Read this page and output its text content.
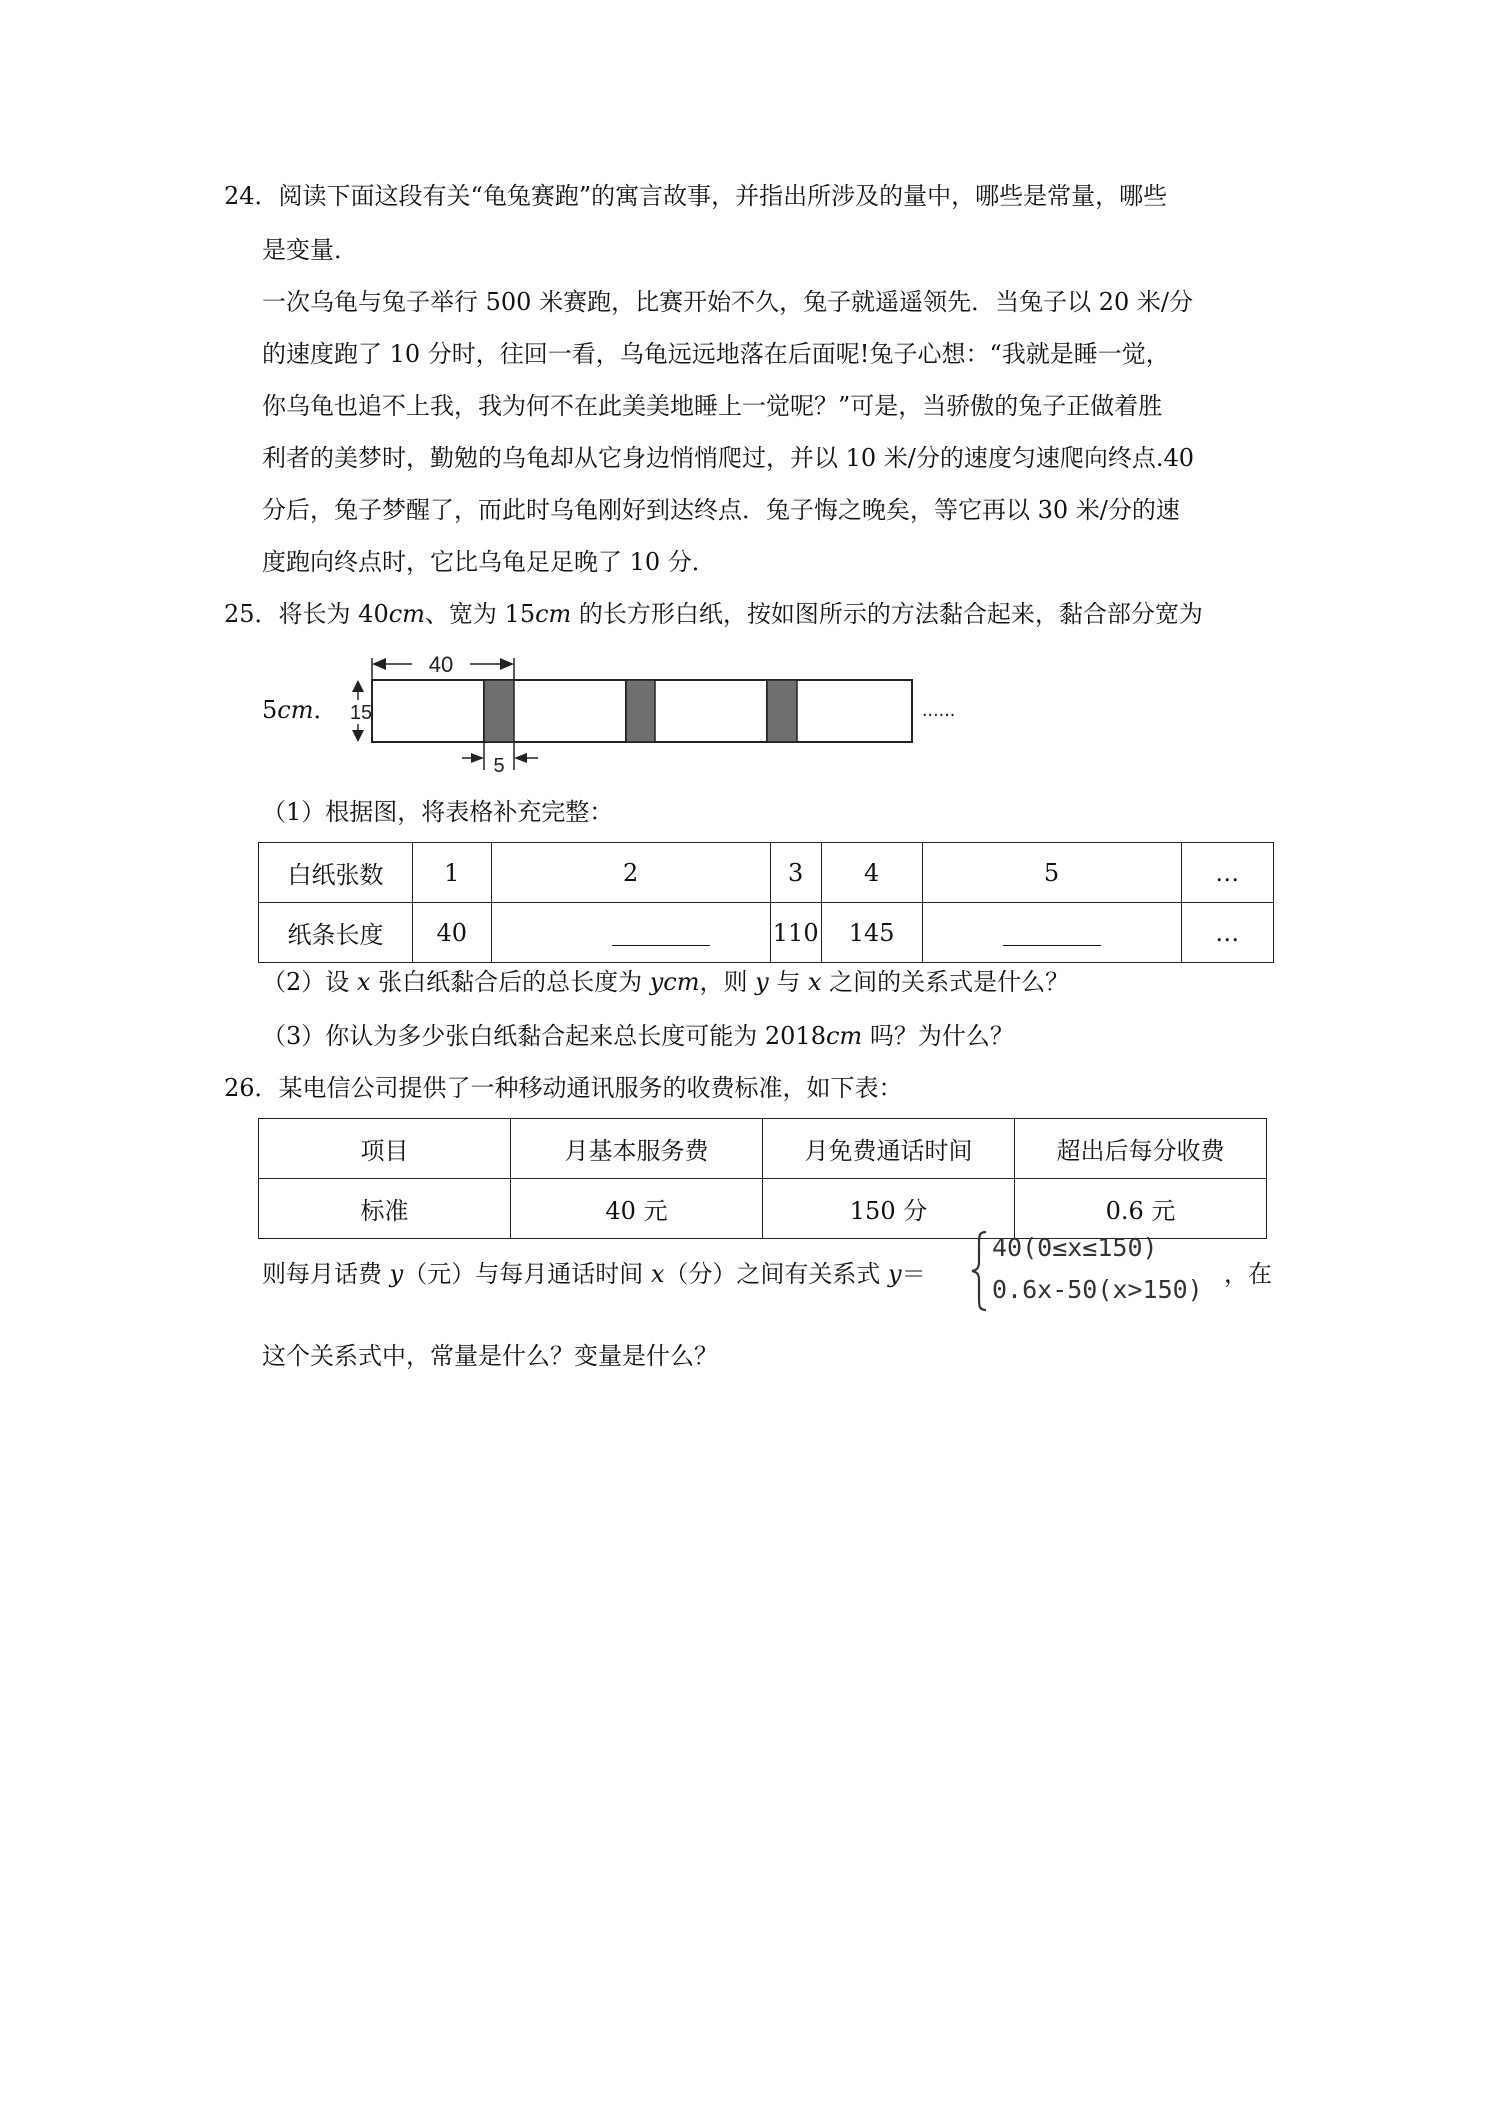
24．阅读下面这段有关“龟兔赛跑”的寓言故事，并指出所涉及的量中，哪些是常量，哪些
是变量．
一次乌龟与兔子举行 500 米赛跑，比赛开始不久，兔子就遥遥领先．当兔子以 20 米/分
的速度跑了 10 分时，往回一看，乌龟远远地落在后面呢!兔子心想：“我就是睡一觉，
你乌龟也追不上我，我为何不在此美美地睡上一觉呢？”可是，当骄傲的兔子正做着胜
利者的美梦时，勤勉的乌龟却从它身边悄悄爬过，并以 10 米/分的速度匀速爬向终点.40
分后，兔子梦醒了，而此时乌龟刚好到达终点．兔子悔之晚矣，等它再以 30 米/分的速
度跑向终点时，它比乌龟足足晚了 10 分．
25．将长为 40cm、宽为 15cm 的长方形白纸，按如图所示的方法黏合起来，黏合部分宽为
5cm．
40
15
5
......
（1）根据图，将表格补充完整：
白纸张数	1	2	3	4	5	…
纸条长度	40		110	145		…
（2）设 x 张白纸黏合后的总长度为 ycm，则 y 与 x 之间的关系式是什么？
（3）你认为多少张白纸黏合起来总长度可能为 2018cm 吗？为什么？
26．某电信公司提供了一种移动通讯服务的收费标准，如下表：
项目	月基本服务费	月免费通话时间	超出后每分收费
标准	40 元	150 分	0.6 元
则每月话费 y（元）与每月通话时间 x（分）之间有关系式 y＝
40(0≤x≤150)
0.6x-50(x>150)
，在
这个关系式中，常量是什么？变量是什么？
